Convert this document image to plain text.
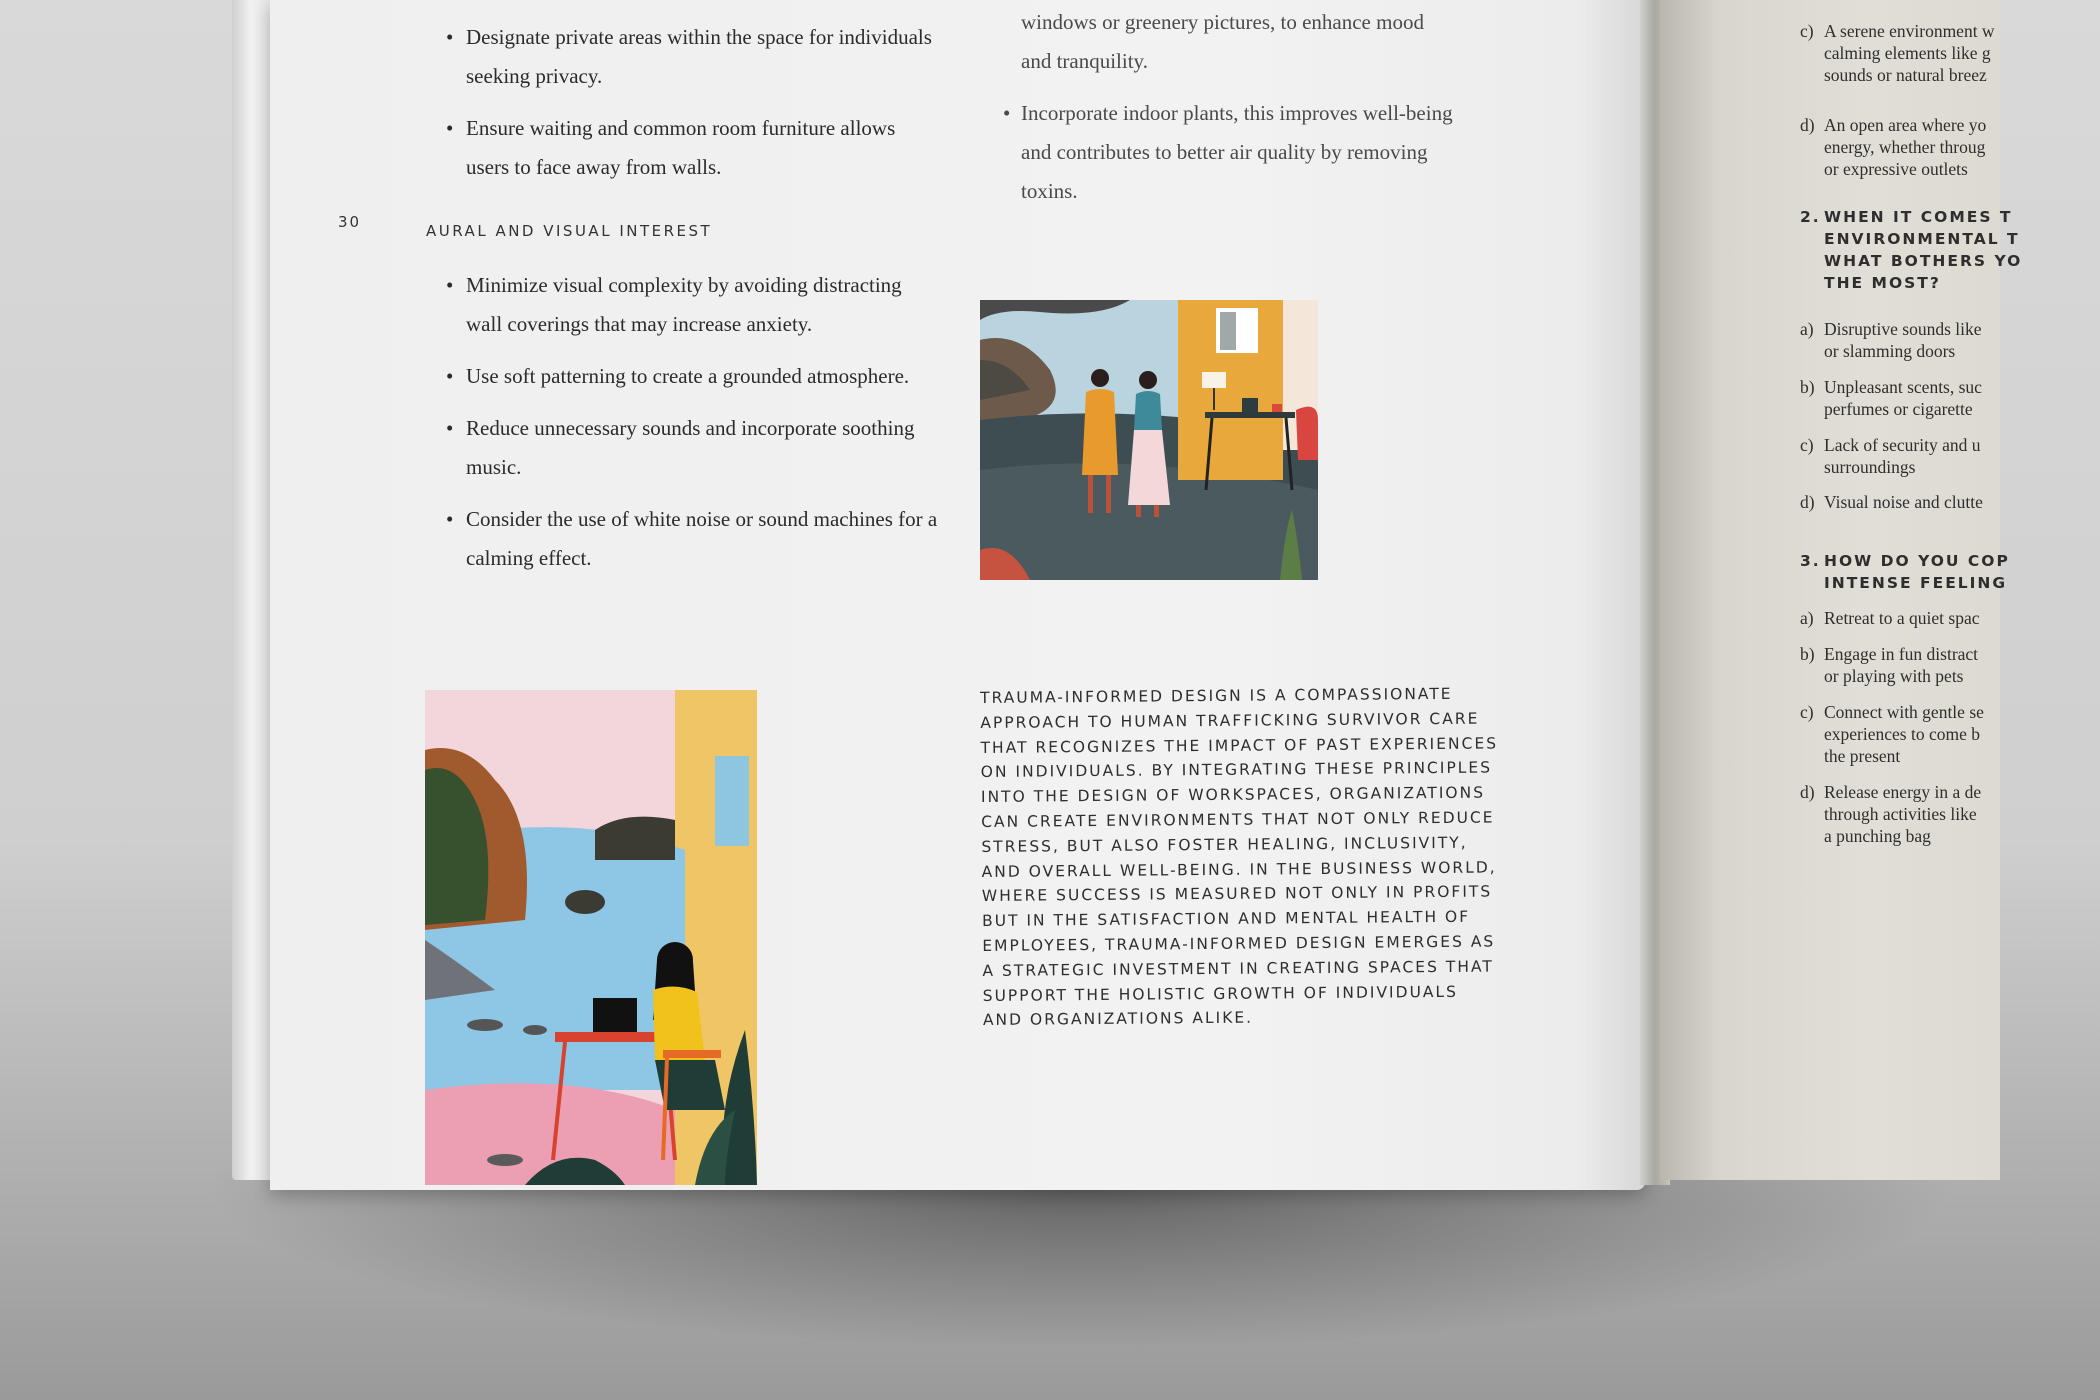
• Designate private areas within the space for individuals seeking privacy.
• Ensure waiting and common room furniture allows users to face away from walls.
30	AURAL AND VISUAL INTEREST
• Minimize visual complexity by avoiding distracting wall coverings that may increase anxiety.
• Use soft patterning to create a grounded atmosphere.
• Reduce unnecessary sounds and incorporate soothing music.
• Consider the use of white noise or sound machines for a calming effect.
windows or greenery pictures, to enhance mood and tranquility.
• Incorporate indoor plants, this improves well-being and contributes to better air quality by removing toxins.
TRAUMA-INFORMED DESIGN IS A COMPASSIONATE APPROACH TO HUMAN TRAFFICKING SURVIVOR CARE THAT RECOGNIZES THE IMPACT OF PAST EXPERIENCES ON INDIVIDUALS. BY INTEGRATING THESE PRINCIPLES INTO THE DESIGN OF WORKSPACES, ORGANIZATIONS CAN CREATE ENVIRONMENTS THAT NOT ONLY REDUCE STRESS, BUT ALSO FOSTER HEALING, INCLUSIVITY, AND OVERALL WELL-BEING. IN THE BUSINESS WORLD, WHERE SUCCESS IS MEASURED NOT ONLY IN PROFITS BUT IN THE SATISFACTION AND MENTAL HEALTH OF EMPLOYEES, TRAUMA-INFORMED DESIGN EMERGES AS A STRATEGIC INVESTMENT IN CREATING SPACES THAT SUPPORT THE HOLISTIC GROWTH OF INDIVIDUALS AND ORGANIZATIONS ALIKE.
c) A serene environment w
calming elements like g
sounds or natural breez
d) An open area where yo
energy, whether throug
or expressive outlets
2. WHEN IT COMES T
ENVIRONMENTAL T
WHAT BOTHERS YO
THE MOST?
a) Disruptive sounds like
or slamming doors
b) Unpleasant scents, suc
perfumes or cigarette
c) Lack of security and u
surroundings
d) Visual noise and clutte
3. HOW DO YOU COP
INTENSE FEELING
a) Retreat to a quiet spac
b) Engage in fun distract
or playing with pets
c) Connect with gentle se
experiences to come b
the present
d) Release energy in a de
through activities like
a punching bag
